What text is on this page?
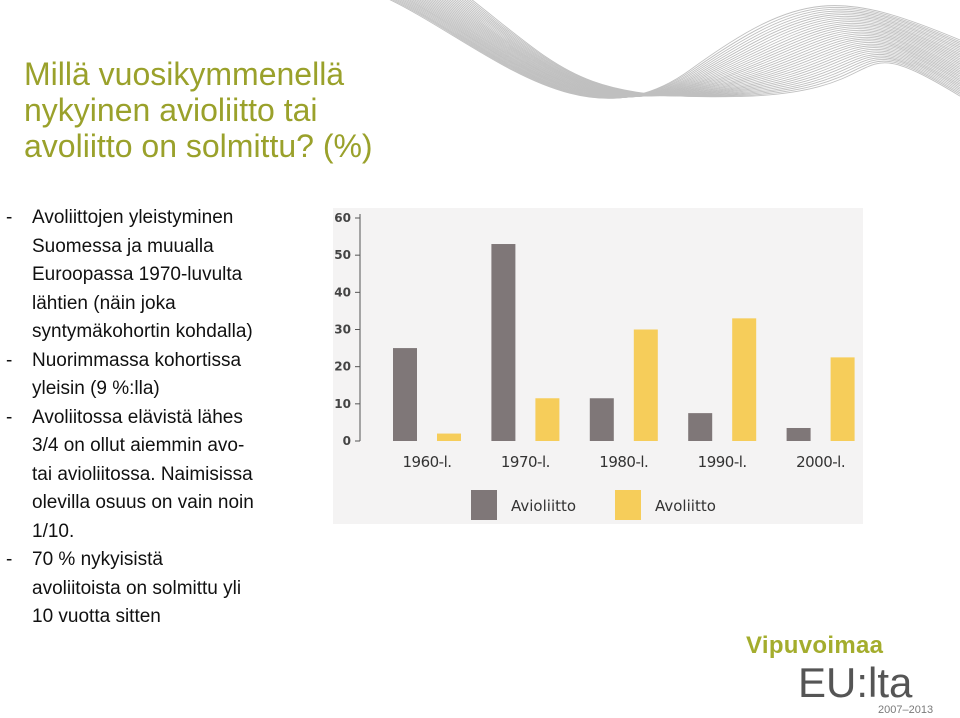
Millä vuosikymmenellä
nykyinen avioliitto tai
avoliitto on solmittu? (%)
- Avoliittojen yleistyminen
Suomessa ja muualla
Euroopassa 1970-luvulta
lähtien (näin joka
syntymäkohortin kohdalla)
- Nuorimmassa kohortissa
yleisin (9 %:lla)
- Avoliitossa elävistä lähes
3/4 on ollut aiemmin avo-
tai avioliitossa. Naimisissa
olevilla osuus on vain noin
1/10.
- 70 % nykyisistä
avoliitoista on solmittu yli
10 vuotta sitten
0
10
20
30
40
50
60
1960-l.	1970-l.	1980-l.	1990-l.	2000-l.
Avioliitto	Avoliitto
Vipuvoimaa
EU:lta
2007–2013
